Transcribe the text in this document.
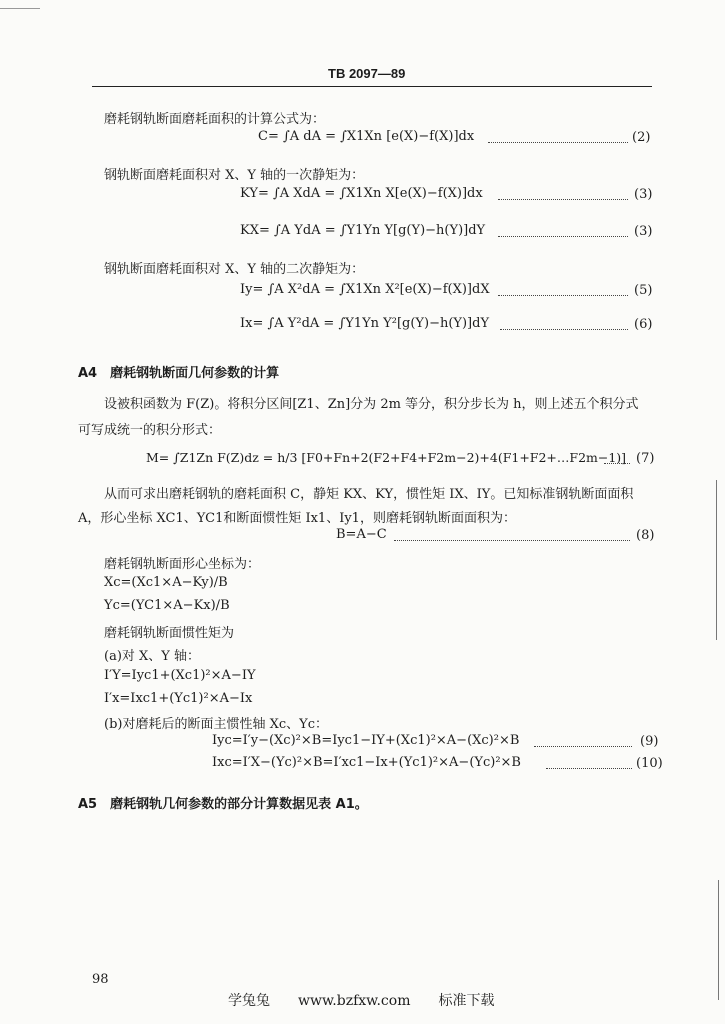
TB 2097—89
磨耗钢轨断面磨耗面积的计算公式为：
C= ∫A dA = ∫X1Xn [e(X)−f(X)]dx	(2)
钢轨断面磨耗面积对 X、Y 轴的一次静矩为：
KY= ∫A XdA = ∫X1Xn X[e(X)−f(X)]dx	(3)
KX= ∫A YdA = ∫Y1Yn Y[g(Y)−h(Y)]dY	(3)
钢轨断面磨耗面积对 X、Y 轴的二次静矩为：
Iy= ∫A X²dA = ∫X1Xn X²[e(X)−f(X)]dX	(5)
Ix= ∫A Y²dA = ∫Y1Yn Y²[g(Y)−h(Y)]dY	(6)
A4　磨耗钢轨断面几何参数的计算
设被积函数为 F(Z)。将积分区间[Z1、Zn]分为 2m 等分，积分步长为 h，则上述五个积分式
可写成统一的积分形式：
M= ∫Z1Zn F(Z)dz = h/3 [F0+Fn+2(F2+F4+F2m−2)+4(F1+F2+…F2m−1)] (7)
从而可求出磨耗钢轨的磨耗面积 C，静矩 KX、KY，惯性矩 IX、IY。已知标准钢轨断面面积
A，形心坐标 XC1、YC1和断面惯性矩 Ix1、Iy1，则磨耗钢轨断面面积为：
B=A−C	(8)
磨耗钢轨断面形心坐标为：
Xc=(Xc1×A−Ky)/B
Yc=(YC1×A−Kx)/B
磨耗钢轨断面惯性矩为
(a)对 X、Y 轴：
I′Y=Iyc1+(Xc1)²×A−IY
I′x=Ixc1+(Yc1)²×A−Ix
(b)对磨耗后的断面主惯性轴 Xc、Yc：
Iyc=I′y−(Xc)²×B=Iyc1−IY+(Xc1)²×A−(Xc)²×B	(9)
Ixc=I′X−(Yc)²×B=I′xc1−Ix+(Yc1)²×A−(Yc)²×B	(10)
A5　磨耗钢轨几何参数的部分计算数据见表 A1。
98
学兔兔　　www.bzfxw.com　　标准下载
